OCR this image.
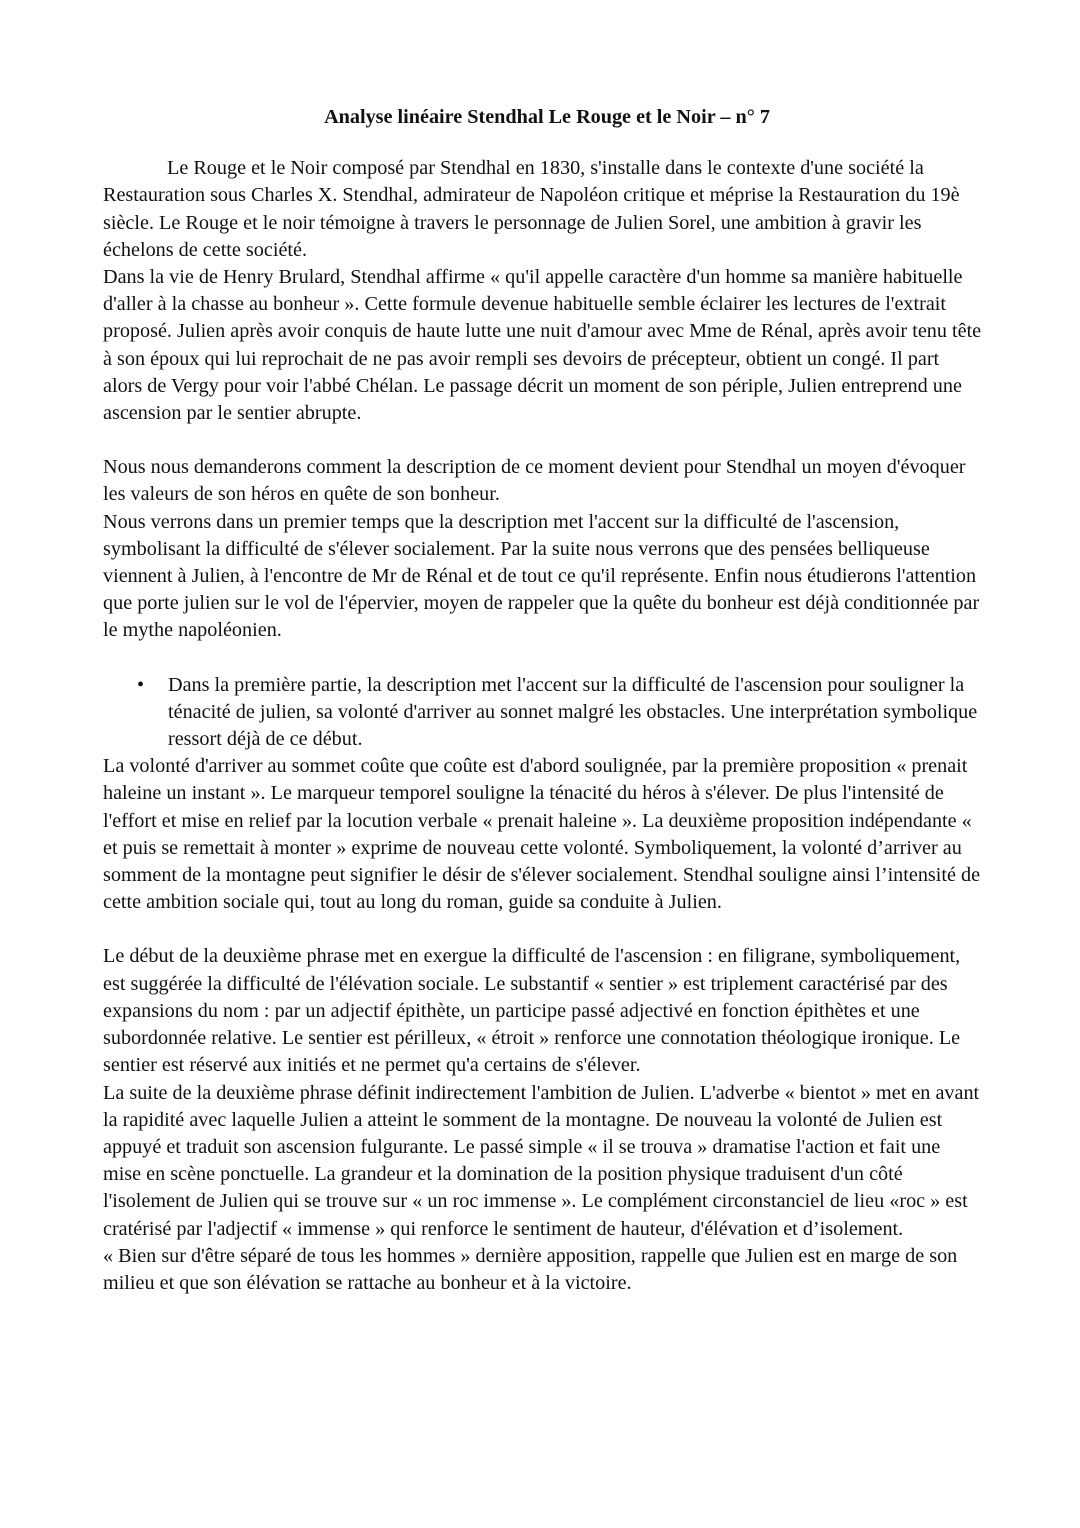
Analyse linéaire Stendhal Le Rouge et le Noir – n° 7

Le Rouge et le Noir composé par Stendhal en 1830, s'installe dans le contexte d'une société la Restauration sous Charles X. Stendhal, admirateur de Napoléon critique et méprise la Restauration du 19è siècle. Le Rouge et le noir témoigne à travers le personnage de Julien Sorel, une ambition à gravir les échelons de cette société.

Dans la vie de Henry Brulard, Stendhal affirme « qu'il appelle caractère d'un homme sa manière habituelle d'aller à la chasse au bonheur ». Cette formule devenue habituelle semble éclairer les lectures de l'extrait proposé. Julien après avoir conquis de haute lutte une nuit d'amour avec Mme de Rénal, après avoir tenu tête à son époux qui lui reprochait de ne pas avoir rempli ses devoirs de précepteur, obtient un congé. Il part alors de Vergy pour voir l'abbé Chélan. Le passage décrit un moment de son périple, Julien entreprend une ascension par le sentier abrupte.

Nous nous demanderons comment la description de ce moment devient pour Stendhal un moyen d'évoquer les valeurs de son héros en quête de son bonheur.

Nous verrons dans un premier temps que la description met l'accent sur la difficulté de l'ascension, symbolisant la difficulté de s'élever socialement. Par la suite nous verrons que des pensées belliqueuse viennent à Julien, à l'encontre de Mr de Rénal et de tout ce qu'il représente. Enfin nous étudierons l'attention que porte julien sur le vol de l'épervier, moyen de rappeler que la quête du bonheur est déjà conditionnée par le mythe napoléonien.

• Dans la première partie, la description met l'accent sur la difficulté de l'ascension pour souligner la ténacité de julien, sa volonté d'arriver au sonnet malgré les obstacles. Une interprétation symbolique ressort déjà de ce début.

La volonté d'arriver au sommet coûte que coûte est d'abord soulignée, par la première proposition « prenait haleine un instant ». Le marqueur temporel souligne la ténacité du héros à s'élever. De plus l'intensité de l'effort et mise en relief par la locution verbale « prenait haleine ». La deuxième proposition indépendante « et puis se remettait à monter » exprime de nouveau cette volonté. Symboliquement, la volonté d’arriver au somment de la montagne peut signifier le désir de s'élever socialement. Stendhal souligne ainsi l’intensité de cette ambition sociale qui, tout au long du roman, guide sa conduite à Julien.

Le début de la deuxième phrase met en exergue la difficulté de l'ascension : en filigrane, symboliquement, est suggérée la difficulté de l'élévation sociale. Le substantif « sentier » est triplement caractérisé par des expansions du nom : par un adjectif épithète, un participe passé adjectivé en fonction épithètes et une subordonnée relative. Le sentier est périlleux, « étroit » renforce une connotation théologique ironique. Le sentier est réservé aux initiés et ne permet qu'a certains de s'élever.

La suite de la deuxième phrase définit indirectement l'ambition de Julien. L'adverbe « bientot » met en avant la rapidité avec laquelle Julien a atteint le somment de la montagne. De nouveau la volonté de Julien est appuyé et traduit son ascension fulgurante. Le passé simple « il se trouva » dramatise l'action et fait une mise en scène ponctuelle. La grandeur et la domination de la position physique traduisent d'un côté l'isolement de Julien qui se trouve sur « un roc immense ». Le complément circonstanciel de lieu «roc » est cratérisé par l'adjectif « immense » qui renforce le sentiment de hauteur, d'élévation et d’isolement.

« Bien sur d'être séparé de tous les hommes » dernière apposition, rappelle que Julien est en marge de son milieu et que son élévation se rattache au bonheur et à la victoire.
